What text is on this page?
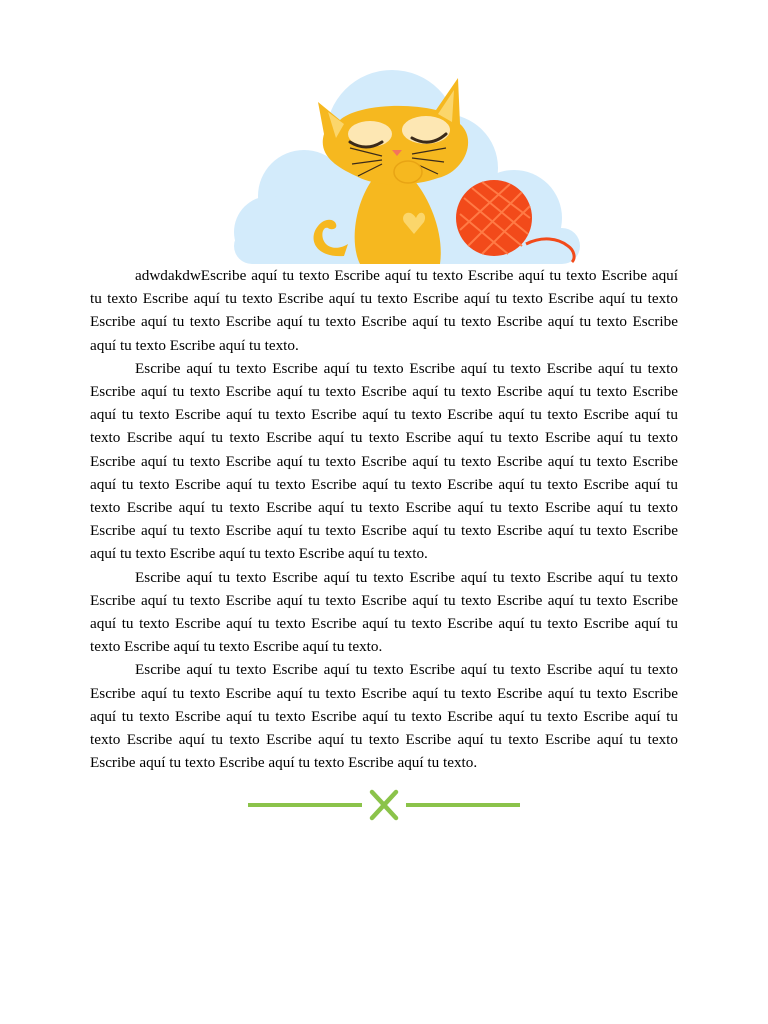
adwdakdwEscribe aquí tu texto Escribe aquí tu texto Escribe aquí tu texto Escribe aquí tu texto Escribe aquí tu texto Escribe aquí tu texto Escribe aquí tu texto Escribe aquí tu texto Escribe aquí tu texto Escribe aquí tu texto Escribe aquí tu texto Escribe aquí tu texto Escribe aquí tu texto Escribe aquí tu texto.

Escribe aquí tu texto Escribe aquí tu texto Escribe aquí tu texto Escribe aquí tu texto Escribe aquí tu texto Escribe aquí tu texto Escribe aquí tu texto Escribe aquí tu texto Escribe aquí tu texto Escribe aquí tu texto Escribe aquí tu texto Escribe aquí tu texto Escribe aquí tu texto Escribe aquí tu texto Escribe aquí tu texto Escribe aquí tu texto Escribe aquí tu texto Escribe aquí tu texto Escribe aquí tu texto Escribe aquí tu texto Escribe aquí tu texto Escribe aquí tu texto Escribe aquí tu texto Escribe aquí tu texto Escribe aquí tu texto Escribe aquí tu texto Escribe aquí tu texto Escribe aquí tu texto Escribe aquí tu texto Escribe aquí tu texto Escribe aquí tu texto Escribe aquí tu texto Escribe aquí tu texto Escribe aquí tu texto Escribe aquí tu texto Escribe aquí tu texto Escribe aquí tu texto.

Escribe aquí tu texto Escribe aquí tu texto Escribe aquí tu texto Escribe aquí tu texto Escribe aquí tu texto Escribe aquí tu texto Escribe aquí tu texto Escribe aquí tu texto Escribe aquí tu texto Escribe aquí tu texto Escribe aquí tu texto Escribe aquí tu texto Escribe aquí tu texto Escribe aquí tu texto Escribe aquí tu texto.

Escribe aquí tu texto Escribe aquí tu texto Escribe aquí tu texto Escribe aquí tu texto Escribe aquí tu texto Escribe aquí tu texto Escribe aquí tu texto Escribe aquí tu texto Escribe aquí tu texto Escribe aquí tu texto Escribe aquí tu texto Escribe aquí tu texto Escribe aquí tu texto Escribe aquí tu texto Escribe aquí tu texto Escribe aquí tu texto Escribe aquí tu texto Escribe aquí tu texto Escribe aquí tu texto Escribe aquí tu texto.
